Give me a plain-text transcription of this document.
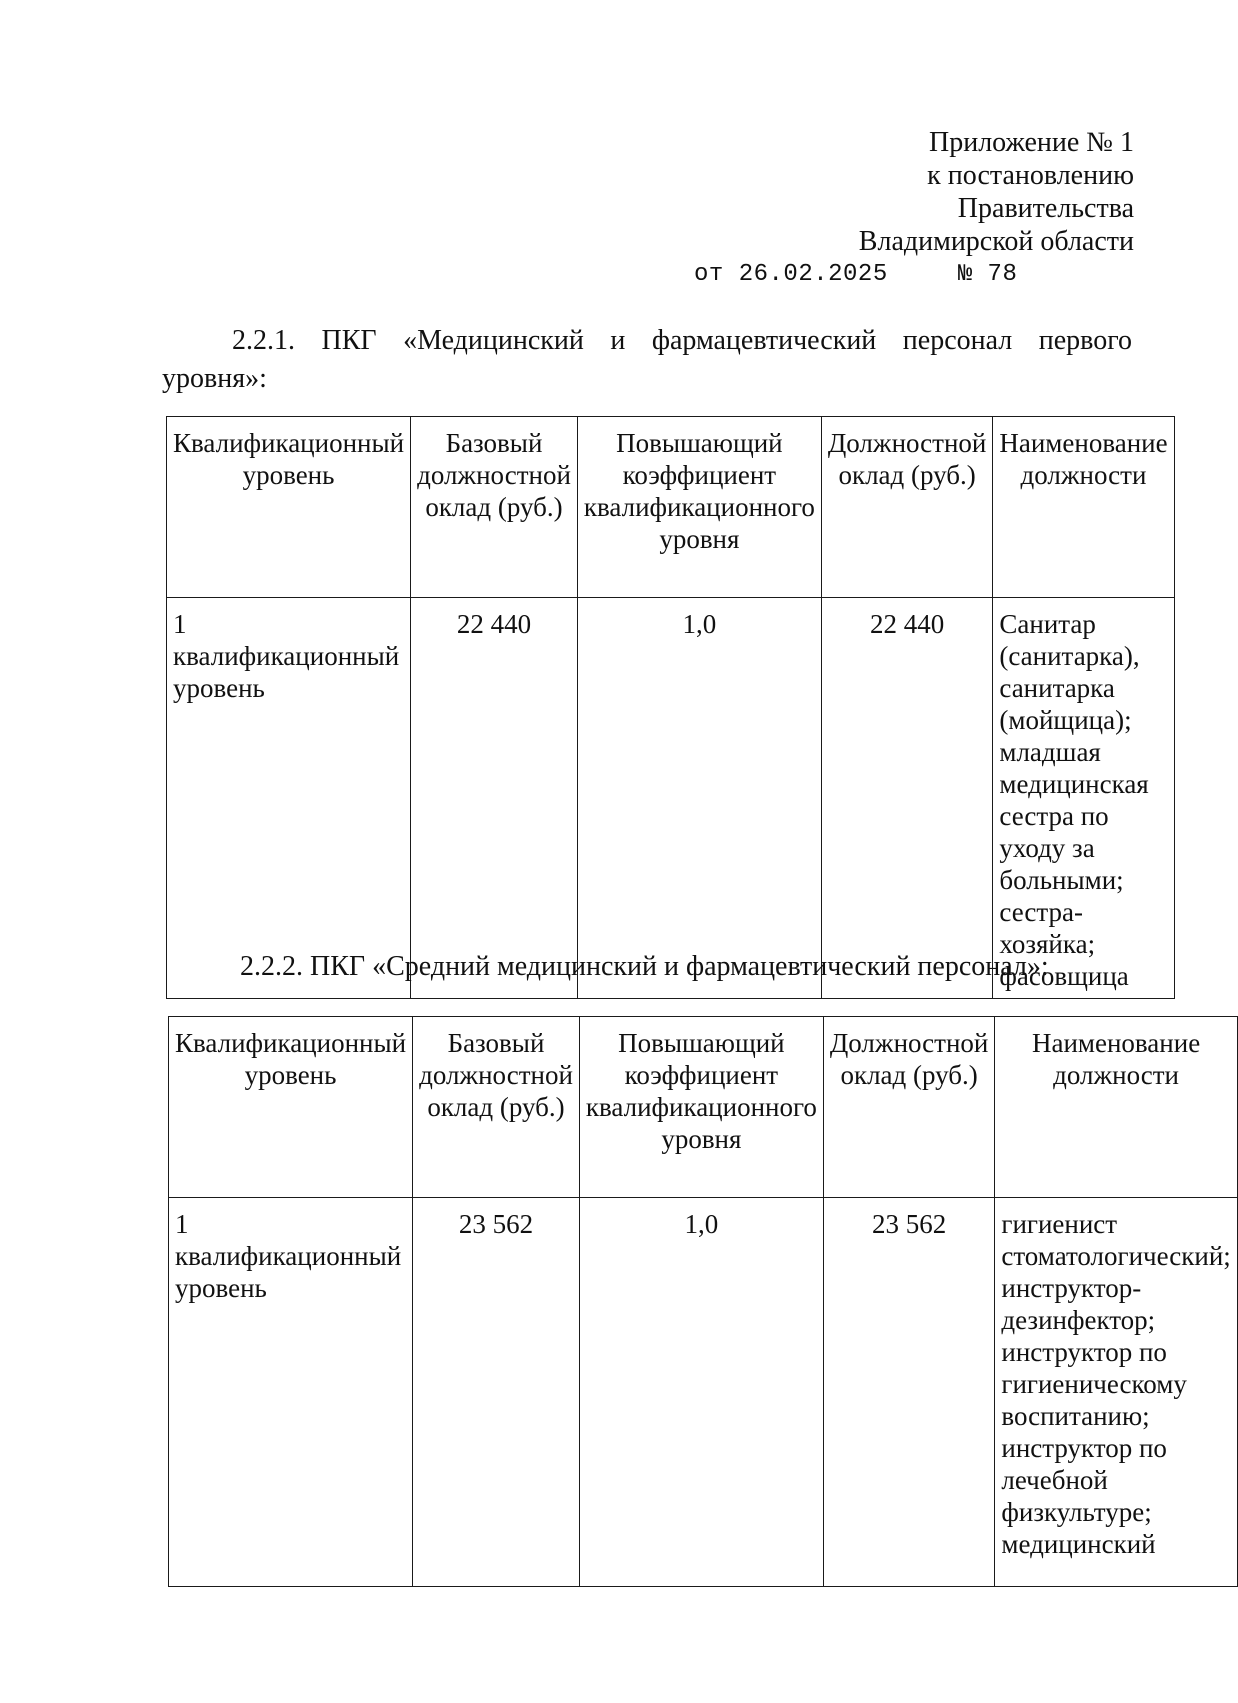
Приложение № 1
к постановлению
Правительства
Владимирской области
от 26.02.2025	№ 78
2.2.1. ПКГ «Медицинский и фармацевтический персонал первого
уровня»:
Квалификационный уровень	Базовый должностной оклад (руб.)	Повышающий коэффициент квалификационного уровня	Должностной оклад (руб.)	Наименование должности
1 квалификационный уровень	22 440	1,0	22 440	Санитар (санитарка), санитарка (мойщица); младшая медицинская сестра по уходу за больными; сестра-хозяйка; фасовщица
2.2.2. ПКГ «Средний медицинский и фармацевтический персонал»:
Квалификационный уровень	Базовый должностной оклад (руб.)	Повышающий коэффициент квалификационного уровня	Должностной оклад (руб.)	Наименование должности
1 квалификационный уровень	23 562	1,0	23 562	гигиенист стоматологический; инструктор-дезинфектор; инструктор по гигиеническому воспитанию; инструктор по лечебной физкультуре; медицинский
